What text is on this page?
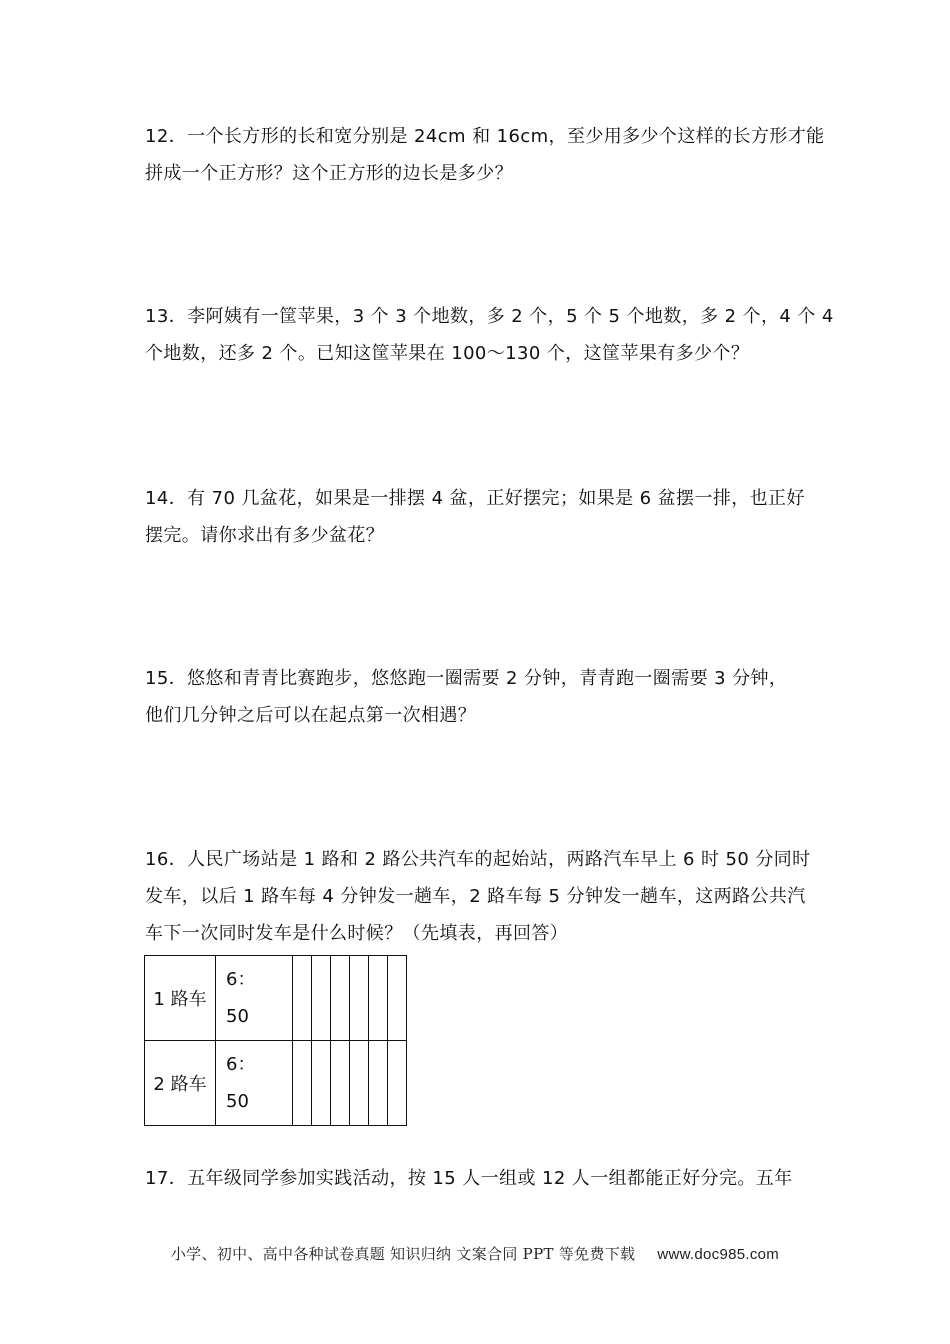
12．一个长方形的长和宽分别是 24cm 和 16cm，至少用多少个这样的长方形才能

拼成一个正方形？这个正方形的边长是多少？

13．李阿姨有一筐苹果，3 个 3 个地数，多 2 个，5 个 5 个地数，多 2 个，4 个 4

个地数，还多 2 个。已知这筐苹果在 100～130 个，这筐苹果有多少个？

14．有 70 几盆花，如果是一排摆 4 盆，正好摆完；如果是 6 盆摆一排，也正好

摆完。请你求出有多少盆花？

15．悠悠和青青比赛跑步，悠悠跑一圈需要 2 分钟，青青跑一圈需要 3 分钟，

他们几分钟之后可以在起点第一次相遇？

16．人民广场站是 1 路和 2 路公共汽车的起始站，两路汽车早上 6 时 50 分同时

发车，以后 1 路车每 4 分钟发一趟车，2 路车每 5 分钟发一趟车，这两路公共汽

车下一次同时发车是什么时候？（先填表，再回答）

1 路车	6：
50						

2 路车	6：
50						

17．五年级同学参加实践活动，按 15 人一组或 12 人一组都能正好分完。五年

小学、初中、高中各种试卷真题 知识归纳 文案合同 PPT 等免费下载 www.doc985.com
